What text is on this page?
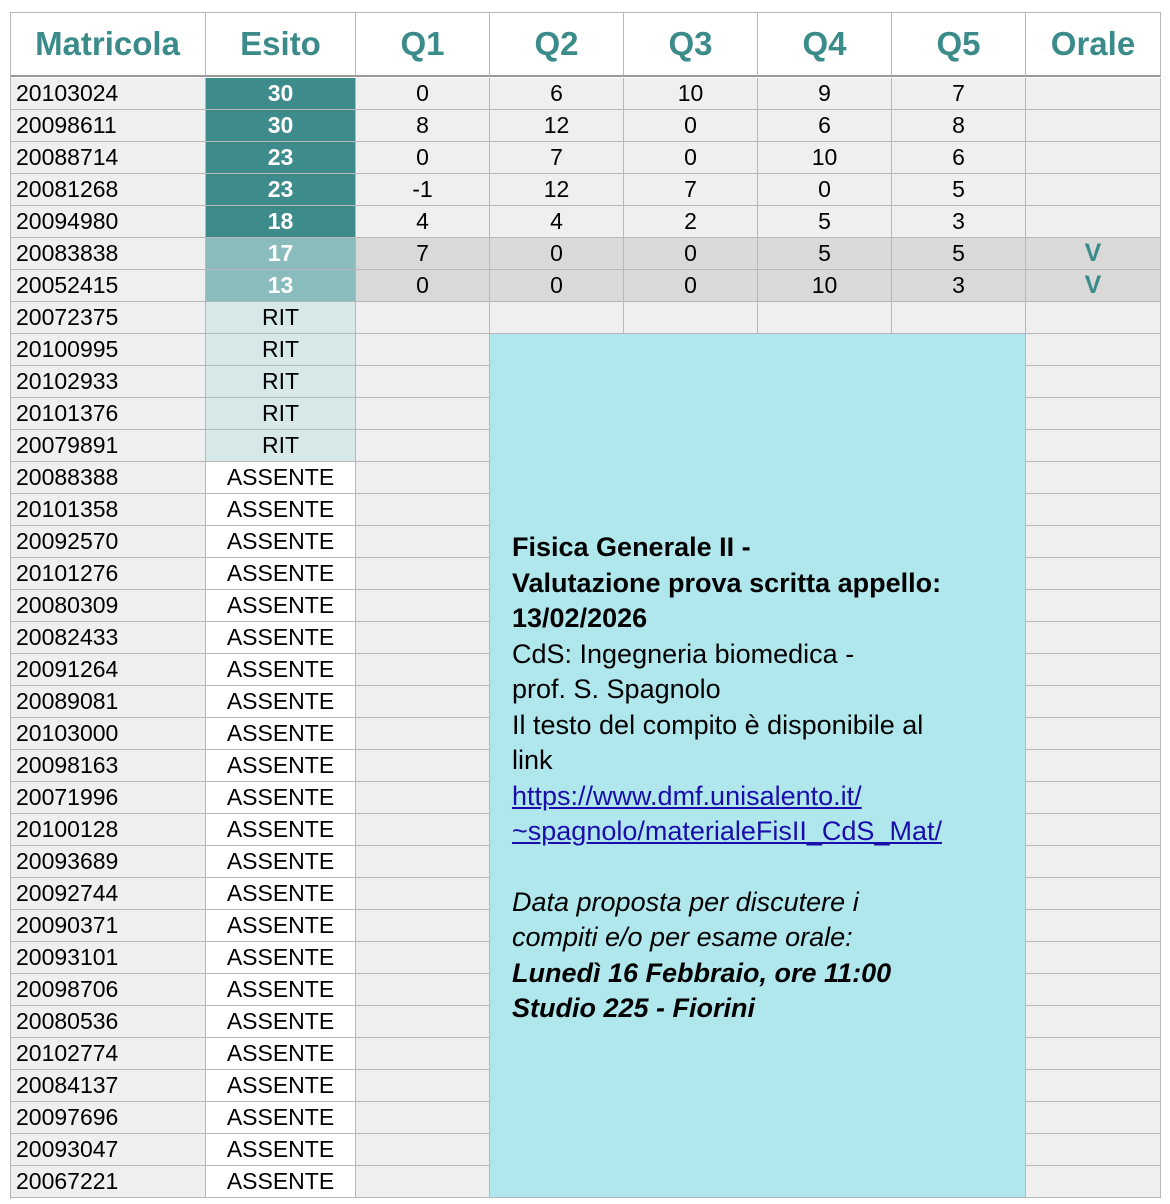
Matricola	Esito	Q1	Q2	Q3	Q4	Q5	Orale
20103024	30	0	6	10	9	7
20098611	30	8	12	0	6	8
20088714	23	0	7	0	10	6
20081268	23	-1	12	7	0	5
20094980	18	4	4	2	5	3
20083838	17	7	0	0	5	5	V
20052415	13	0	0	0	10	3	V
20072375	RIT
20100995	RIT
20102933	RIT
20101376	RIT
20079891	RIT
20088388	ASSENTE
20101358	ASSENTE
20092570	ASSENTE
20101276	ASSENTE
20080309	ASSENTE
20082433	ASSENTE
20091264	ASSENTE
20089081	ASSENTE
20103000	ASSENTE
20098163	ASSENTE
20071996	ASSENTE
20100128	ASSENTE
20093689	ASSENTE
20092744	ASSENTE
20090371	ASSENTE
20093101	ASSENTE
20098706	ASSENTE
20080536	ASSENTE
20102774	ASSENTE
20084137	ASSENTE
20097696	ASSENTE
20093047	ASSENTE
20067221	ASSENTE
Fisica Generale II -
Valutazione prova scritta appello:
13/02/2026
CdS: Ingegneria biomedica -
prof. S. Spagnolo
Il testo del compito è disponibile al
link
https://www.dmf.unisalento.it/
~spagnolo/materialeFisII_CdS_Mat/
Data proposta per discutere i
compiti e/o per esame orale:
Lunedì 16 Febbraio, ore 11:00
Studio 225 - Fiorini
